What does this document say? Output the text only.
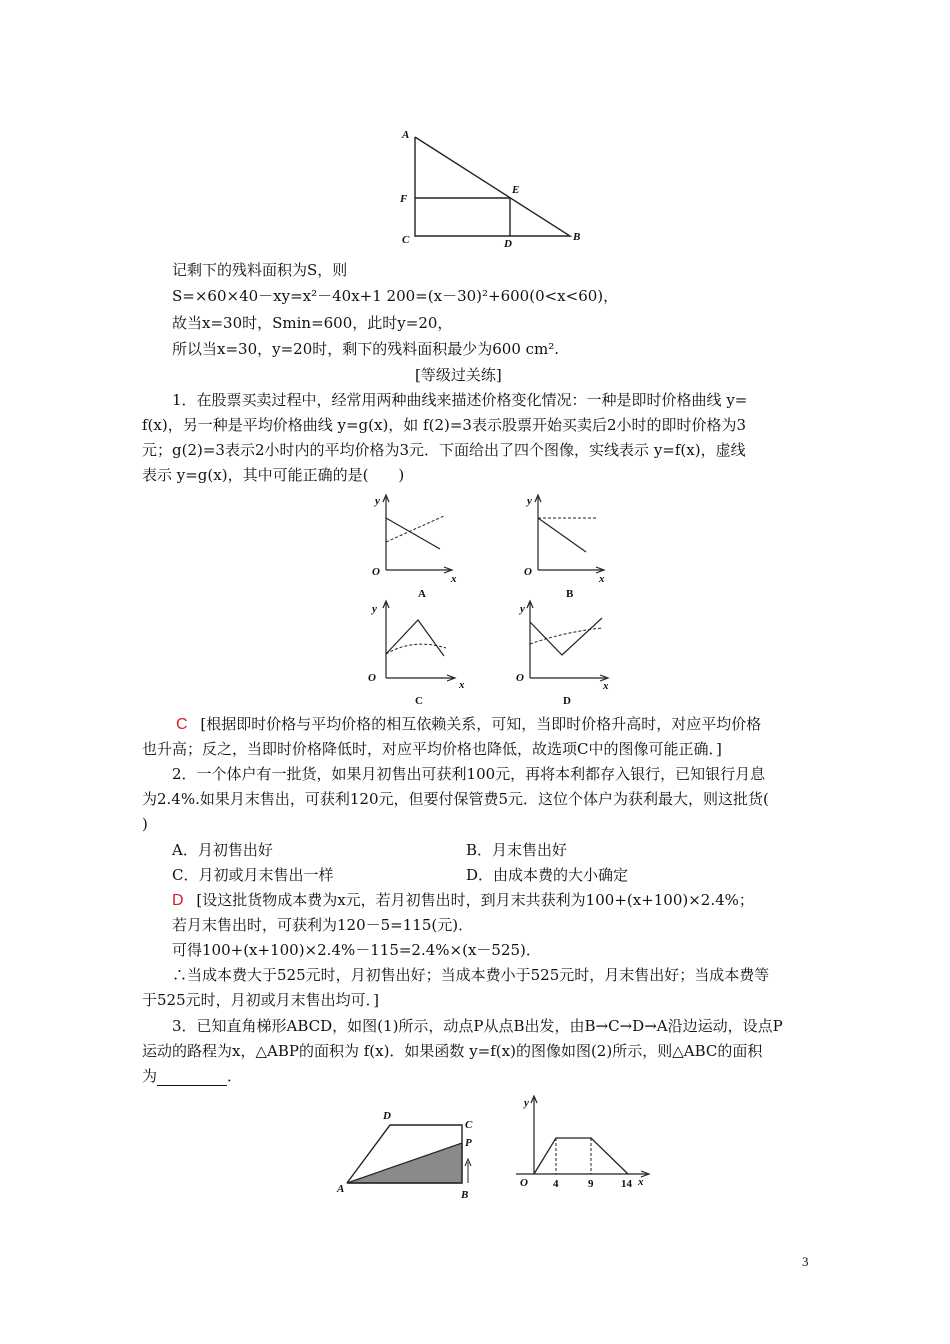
A
F
E
C	D
B
记剩下的残料面积为S，则
S=×60×40－xy=x²－40x+1 200=(x－30)²+600(0<x<60)，
故当x=30时，Smin=600，此时y=20，
所以当x=30，y=20时，剩下的残料面积最少为600 cm².
[等级过关练]
1．在股票买卖过程中，经常用两种曲线来描述价格变化情况：一种是即时价格曲线 y=
f(x)，另一种是平均价格曲线 y=g(x)，如 f(2)=3表示股票开始买卖后2小时的即时价格为3
元；g(2)=3表示2小时内的平均价格为3元．下面给出了四个图像，实线表示 y=f(x)，虚线
表示 y=g(x)，其中可能正确的是(　　)
y
O
x
A
y
O
x
B
y
O
x
C
y
O
x
D
C [根据即时价格与平均价格的相互依赖关系，可知，当即时价格升高时，对应平均价格
也升高；反之，当即时价格降低时，对应平均价格也降低，故选项C中的图像可能正确．]
2．一个体户有一批货，如果月初售出可获利100元，再将本利都存入银行，已知银行月息
为2.4%.如果月末售出，可获利120元，但要付保管费5元．这位个体户为获利最大，则这批货(
)
A．月初售出好	B．月末售出好
C．月初或月末售出一样	D．由成本费的大小确定
D [设这批货物成本费为x元，若月初售出时，到月末共获利为100+(x+100)×2.4%；
若月末售出时，可获利为120－5=115(元)．
可得100+(x+100)×2.4%－115=2.4%×(x－525)．
∴当成本费大于525元时，月初售出好；当成本费小于525元时，月末售出好；当成本费等
于525元时，月初或月末售出均可．]
3．已知直角梯形ABCD，如图(1)所示，动点P从点B出发，由B→C→D→A沿边运动，设点P
运动的路程为x，△ABP的面积为 f(x)．如果函数 y=f(x)的图像如图(2)所示，则△ABC的面积
为	．
D
C
P
A	B
y
O 4	9	14 x
3
